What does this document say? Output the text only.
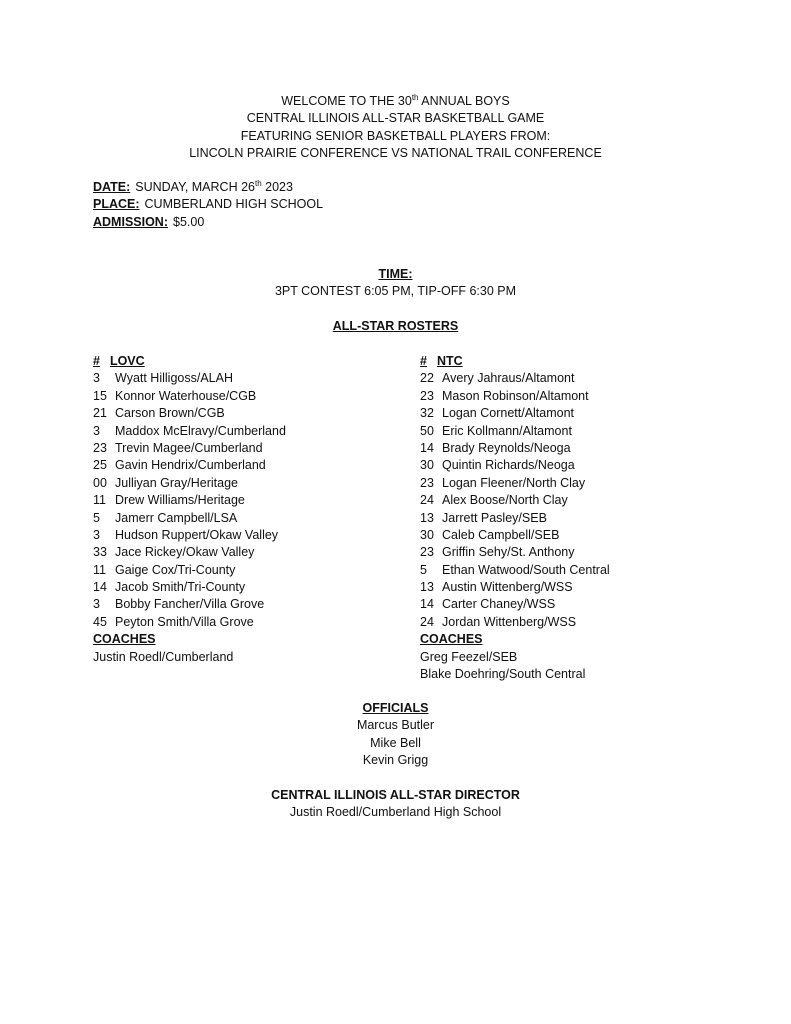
WELCOME TO THE 30th ANNUAL BOYS
CENTRAL ILLINOIS ALL-STAR BASKETBALL GAME
FEATURING SENIOR BASKETBALL PLAYERS FROM:
LINCOLN PRAIRIE CONFERENCE VS NATIONAL TRAIL CONFERENCE
DATE: SUNDAY, MARCH 26th 2023
PLACE: CUMBERLAND HIGH SCHOOL
ADMISSION: $5.00
TIME:
3PT CONTEST 6:05 PM, TIP-OFF 6:30 PM
ALL-STAR ROSTERS
# LOVC
3 Wyatt Hilligoss/ALAH
15 Konnor Waterhouse/CGB
21 Carson Brown/CGB
3 Maddox McElravy/Cumberland
23 Trevin Magee/Cumberland
25 Gavin Hendrix/Cumberland
00 Julliyan Gray/Heritage
11 Drew Williams/Heritage
5 Jamerr Campbell/LSA
3 Hudson Ruppert/Okaw Valley
33 Jace Rickey/Okaw Valley
11 Gaige Cox/Tri-County
14 Jacob Smith/Tri-County
3 Bobby Fancher/Villa Grove
45 Peyton Smith/Villa Grove
COACHES
Justin Roedl/Cumberland
# NTC
22 Avery Jahraus/Altamont
23 Mason Robinson/Altamont
32 Logan Cornett/Altamont
50 Eric Kollmann/Altamont
14 Brady Reynolds/Neoga
30 Quintin Richards/Neoga
23 Logan Fleener/North Clay
24 Alex Boose/North Clay
13 Jarrett Pasley/SEB
30 Caleb Campbell/SEB
23 Griffin Sehy/St. Anthony
5 Ethan Watwood/South Central
13 Austin Wittenberg/WSS
14 Carter Chaney/WSS
24 Jordan Wittenberg/WSS
COACHES
Greg Feezel/SEB
Blake Doehring/South Central
OFFICIALS
Marcus Butler
Mike Bell
Kevin Grigg
CENTRAL ILLINOIS ALL-STAR DIRECTOR
Justin Roedl/Cumberland High School
